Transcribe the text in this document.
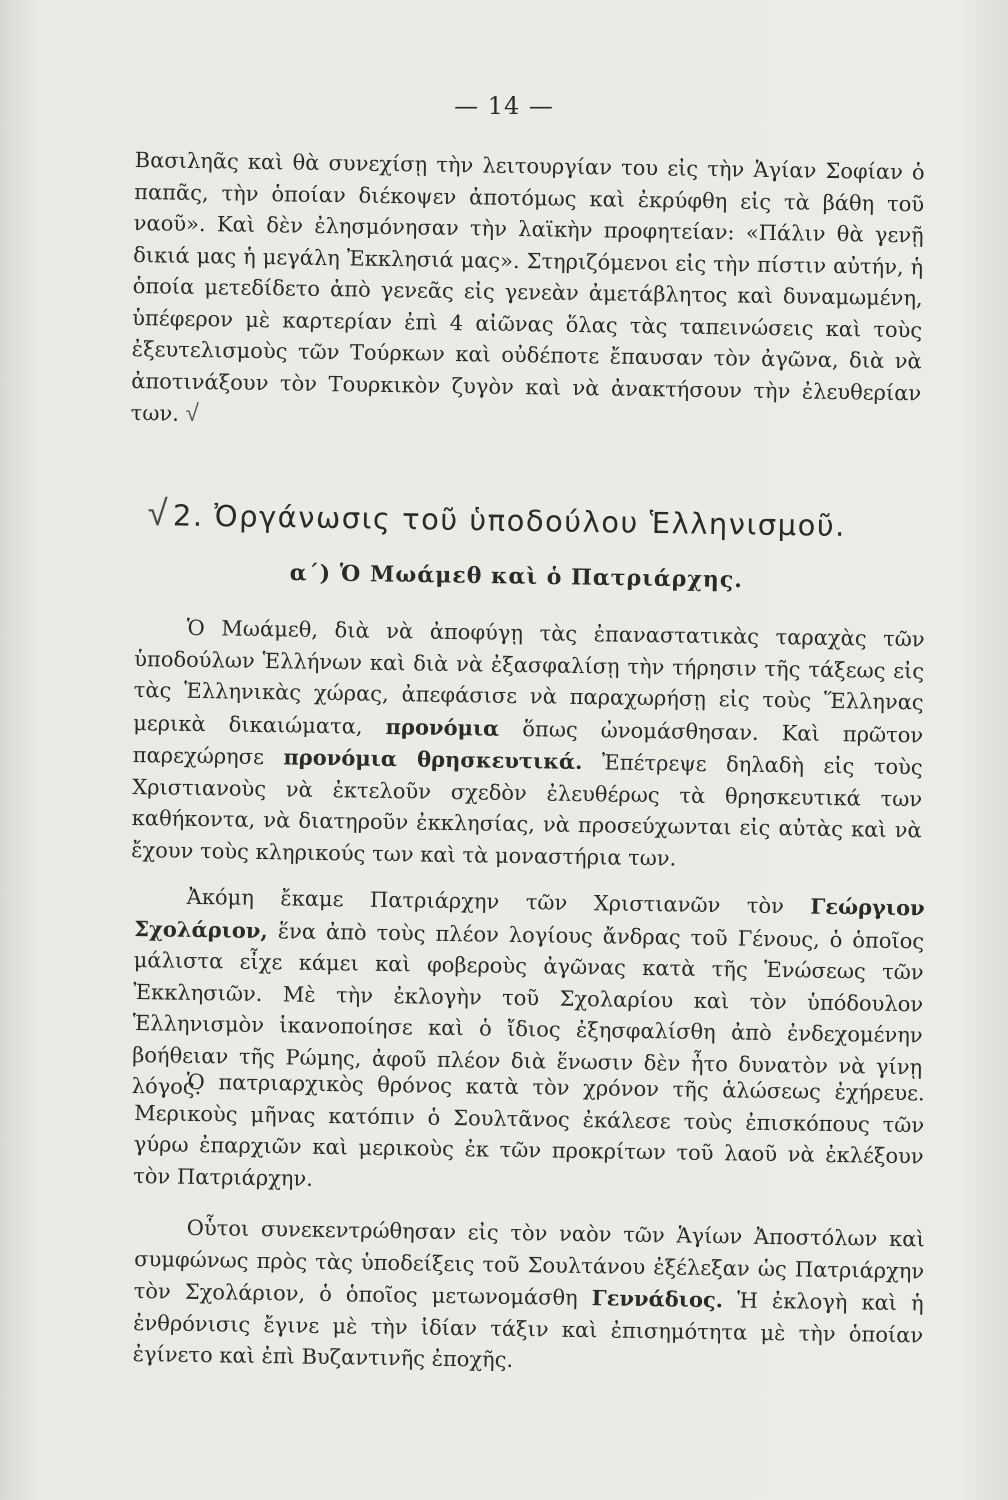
— 14 —
Βασιληᾶς καὶ θὰ συνεχίσῃ τὴν λειτουργίαν του εἰς τὴν Ἁγίαν Σοφίαν ὁ παπᾶς, τὴν ὁποίαν διέκοψεν ἀποτόμως καὶ ἐκρύφθη εἰς τὰ βάθη τοῦ ναοῦ». Καὶ δὲν ἐλησμόνησαν τὴν λαϊκὴν προφητείαν: «Πάλιν θὰ γενῇ δικιά μας ἡ μεγάλη Ἐκκλησιά μας». Στηριζόμενοι εἰς τὴν πίστιν αὐτήν, ἡ ὁποία μετεδίδετο ἀπὸ γενεᾶς εἰς γενεὰν ἀμετάβλητος καὶ δυναμωμένη, ὑπέφερον μὲ καρτερίαν ἐπὶ 4 αἰῶνας ὅλας τὰς ταπεινώσεις καὶ τοὺς ἐξευτελισμοὺς τῶν Τούρκων καὶ οὐδέποτε ἔπαυσαν τὸν ἀγῶνα, διὰ νὰ ἀποτινάξουν τὸν Τουρκικὸν ζυγὸν καὶ νὰ ἀνακτήσουν τὴν ἐλευθερίαν των. √
√ 2. Ὀργάνωσις τοῦ ὑποδούλου Ἑλληνισμοῦ.
α΄) Ὁ Μωάμεθ καὶ ὁ Πατριάρχης.
Ὁ Μωάμεθ, διὰ νὰ ἀποφύγῃ τὰς ἐπαναστατικὰς ταραχὰς τῶν ὑποδούλων Ἑλλήνων καὶ διὰ νὰ ἐξασφαλίσῃ τὴν τήρησιν τῆς τάξεως εἰς τὰς Ἑλληνικὰς χώρας, ἀπεφάσισε νὰ παραχωρήσῃ εἰς τοὺς Ἕλληνας μερικὰ δικαιώματα, προνόμια ὅπως ὠνομάσθησαν. Καὶ πρῶτον παρεχώρησε προνόμια θρησκευτικά. Ἐπέτρεψε δηλαδὴ εἰς τοὺς Χριστιανοὺς νὰ ἐκτελοῦν σχεδὸν ἐλευθέρως τὰ θρησκευτικά των καθήκοντα, νὰ διατηροῦν ἐκκλησίας, νὰ προσεύχωνται εἰς αὐτὰς καὶ νὰ ἔχουν τοὺς κληρικούς των καὶ τὰ μοναστήρια των.
Ἀκόμη ἔκαμε Πατριάρχην τῶν Χριστιανῶν τὸν Γεώργιον Σχολάριον, ἕνα ἀπὸ τοὺς πλέον λογίους ἄνδρας τοῦ Γένους, ὁ ὁποῖος μάλιστα εἶχε κάμει καὶ φοβεροὺς ἀγῶνας κατὰ τῆς Ἑνώσεως τῶν Ἐκκλησιῶν. Μὲ τὴν ἐκλογὴν τοῦ Σχολαρίου καὶ τὸν ὑπόδουλον Ἑλληνισμὸν ἱκανοποίησε καὶ ὁ ἴδιος ἐξησφαλίσθη ἀπὸ ἐνδεχομένην βοήθειαν τῆς Ρώμης, ἀφοῦ πλέον διὰ ἕνωσιν δὲν ἦτο δυνατὸν νὰ γίνῃ λόγος.
Ὁ πατριαρχικὸς θρόνος κατὰ τὸν χρόνον τῆς ἁλώσεως ἐχήρευε. Μερικοὺς μῆνας κατόπιν ὁ Σουλτᾶνος ἐκάλεσε τοὺς ἐπισκόπους τῶν γύρω ἐπαρχιῶν καὶ μερικοὺς ἐκ τῶν προκρίτων τοῦ λαοῦ νὰ ἐκλέξουν τὸν Πατριάρχην.
Οὗτοι συνεκεντρώθησαν εἰς τὸν ναὸν τῶν Ἁγίων Ἀποστόλων καὶ συμφώνως πρὸς τὰς ὑποδείξεις τοῦ Σουλτάνου ἐξέλεξαν ὡς Πατριάρχην τὸν Σχολάριον, ὁ ὁποῖος μετωνομάσθη Γεννάδιος. Ἡ ἐκλογὴ καὶ ἡ ἐνθρόνισις ἔγινε μὲ τὴν ἰδίαν τάξιν καὶ ἐπισημότητα μὲ τὴν ὁποίαν ἐγίνετο καὶ ἐπὶ Βυζαντινῆς ἐποχῆς.
